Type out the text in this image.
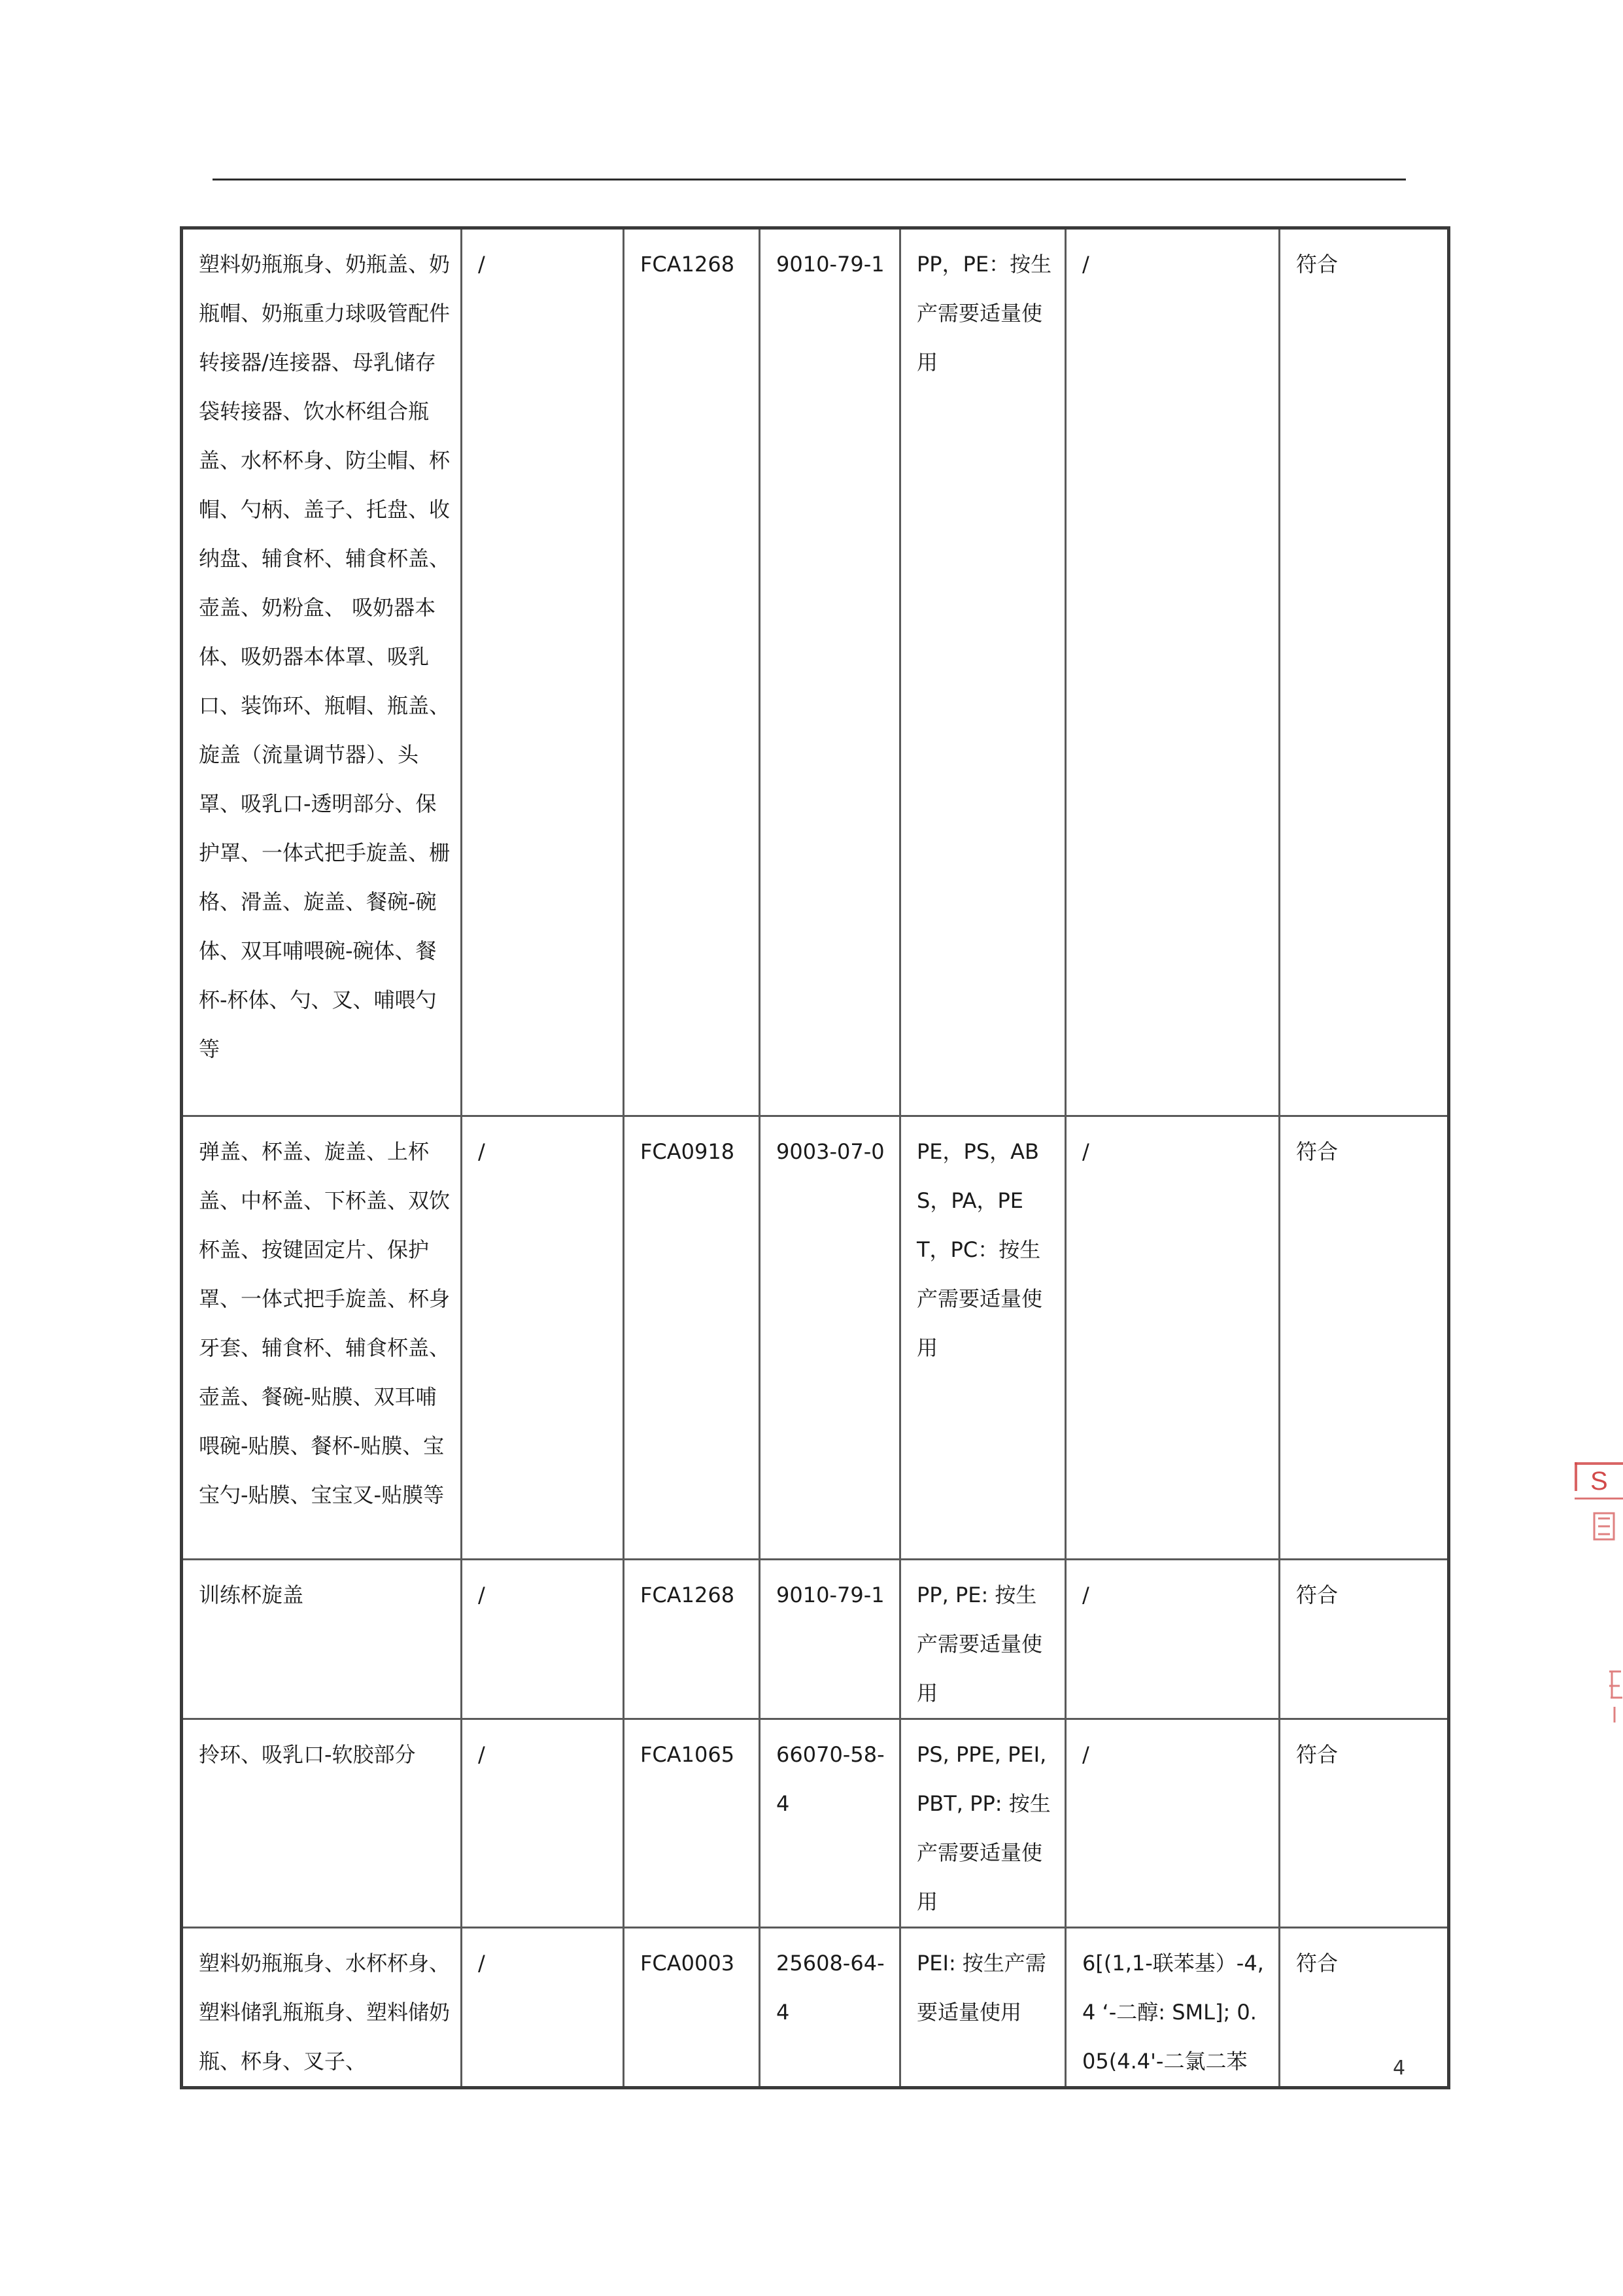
塑料奶瓶瓶身、奶瓶盖、奶瓶帽、奶瓶重力球吸管配件转接器/连接器、母乳储存袋转接器、饮水杯组合瓶盖、水杯杯身、防尘帽、杯帽、勺柄、盖子、托盘、收纳盘、辅食杯、辅食杯盖、壶盖、奶粉盒、 吸奶器本体、吸奶器本体罩、吸乳口、装饰环、瓶帽、瓶盖、旋盖（流量调节器）、头罩、吸乳口-透明部分、保护罩、一体式把手旋盖、栅格、滑盖、旋盖、餐碗-碗体、双耳哺喂碗-碗体、餐杯-杯体、勺、叉、哺喂勺等	/	FCA1268	9010-79-1	PP，PE：按生产需要适量使用	/	符合
弹盖、杯盖、旋盖、上杯盖、中杯盖、下杯盖、双饮杯盖、按键固定片、保护罩、一体式把手旋盖、杯身牙套、辅食杯、辅食杯盖、壶盖、餐碗-贴膜、双耳哺喂碗-贴膜、餐杯-贴膜、宝宝勺-贴膜、宝宝叉-贴膜等	/	FCA0918	9003-07-0	PE，PS，ABS，PA，PET，PC：按生产需要适量使用	/	符合
训练杯旋盖	/	FCA1268	9010-79-1	PP, PE: 按生产需要适量使用	/	符合
拎环、吸乳口-软胶部分	/	FCA1065	66070-58-4	PS, PPE, PEI, PBT, PP: 按生产需要适量使用	/	符合
塑料奶瓶瓶身、水杯杯身、塑料储乳瓶瓶身、塑料储奶瓶、杯身、叉子、	/	FCA0003	25608-64-4	PEI: 按生产需要适量使用	6[(1,1-联苯基）-4,4 ‘-二醇: SML]; 0.05(4.4'-二氯二苯	符合
4
S
